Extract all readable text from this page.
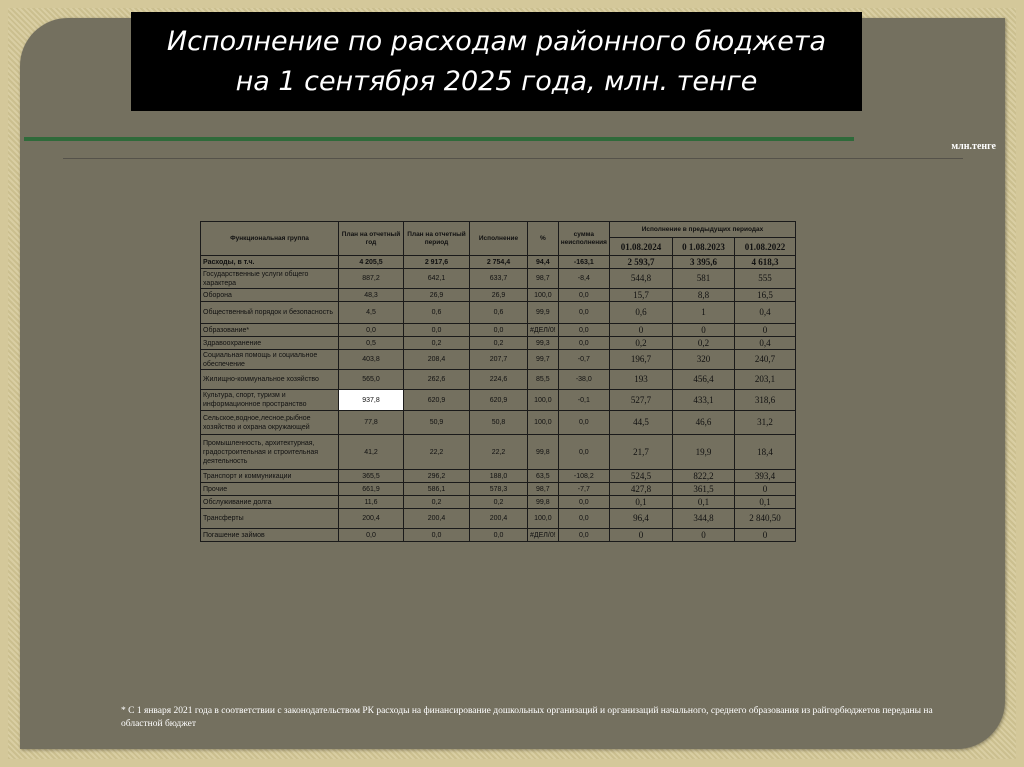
Исполнение по расходам районного бюджета
на 1 сентября 2025 года, млн. тенге
млн.тенге
Функциональная группа	План на отчетный год	План на отчетный период	Исполнение	%	сумма неисполнения	Исполнение в предыдущих периодах		
						01.08.2024	0 1.08.2023	01.08.2022
Расходы, в т.ч.	4 205,5	2 917,6	2 754,4	94,4	-163,1	2 593,7	3 395,6	4 618,3
Государственные услуги общего характера	887,2	642,1	633,7	98,7	-8,4	544,8	581	555
Оборона	48,3	26,9	26,9	100,0	0,0	15,7	8,8	16,5
Общественный порядок и безопасность	4,5	0,6	0,6	99,9	0,0	0,6	1	0,4
Образование*	0,0	0,0	0,0	#ДЕЛ/0!	0,0	0	0	0
Здравоохранение	0,5	0,2	0,2	99,3	0,0	0,2	0,2	0,4
Социальная помощь и социальное обеспечение	403,8	208,4	207,7	99,7	-0,7	196,7	320	240,7
Жилищно-коммунальное хозяйство	565,0	262,6	224,6	85,5	-38,0	193	456,4	203,1
Культура, спорт, туризм и информационное пространство	937,8	620,9	620,9	100,0	-0,1	527,7	433,1	318,6
Сельское,водное,лесное,рыбное хозяйство и охрана окружающей	77,8	50,9	50,8	100,0	0,0	44,5	46,6	31,2
Промышленность, архитектурная, градостроительная и строительная деятельность	41,2	22,2	22,2	99,8	0,0	21,7	19,9	18,4
Транспорт и коммуникации	365,5	296,2	188,0	63,5	-108,2	524,5	822,2	393,4
Прочие	661,9	586,1	578,3	98,7	-7,7	427,8	361,5	0
Обслуживание долга	11,6	0,2	0,2	99,8	0,0	0,1	0,1	0,1
Трансферты	200,4	200,4	200,4	100,0	0,0	96,4	344,8	2 840,50
Погашение займов	0,0	0,0	0,0	#ДЕЛ/0!	0,0	0	0	0
* С 1 января 2021 года в соответствии с законодательством РК расходы на финансирование дошкольных организаций и организаций начального, среднего образования из райгорбюджетов переданы на областной бюджет
